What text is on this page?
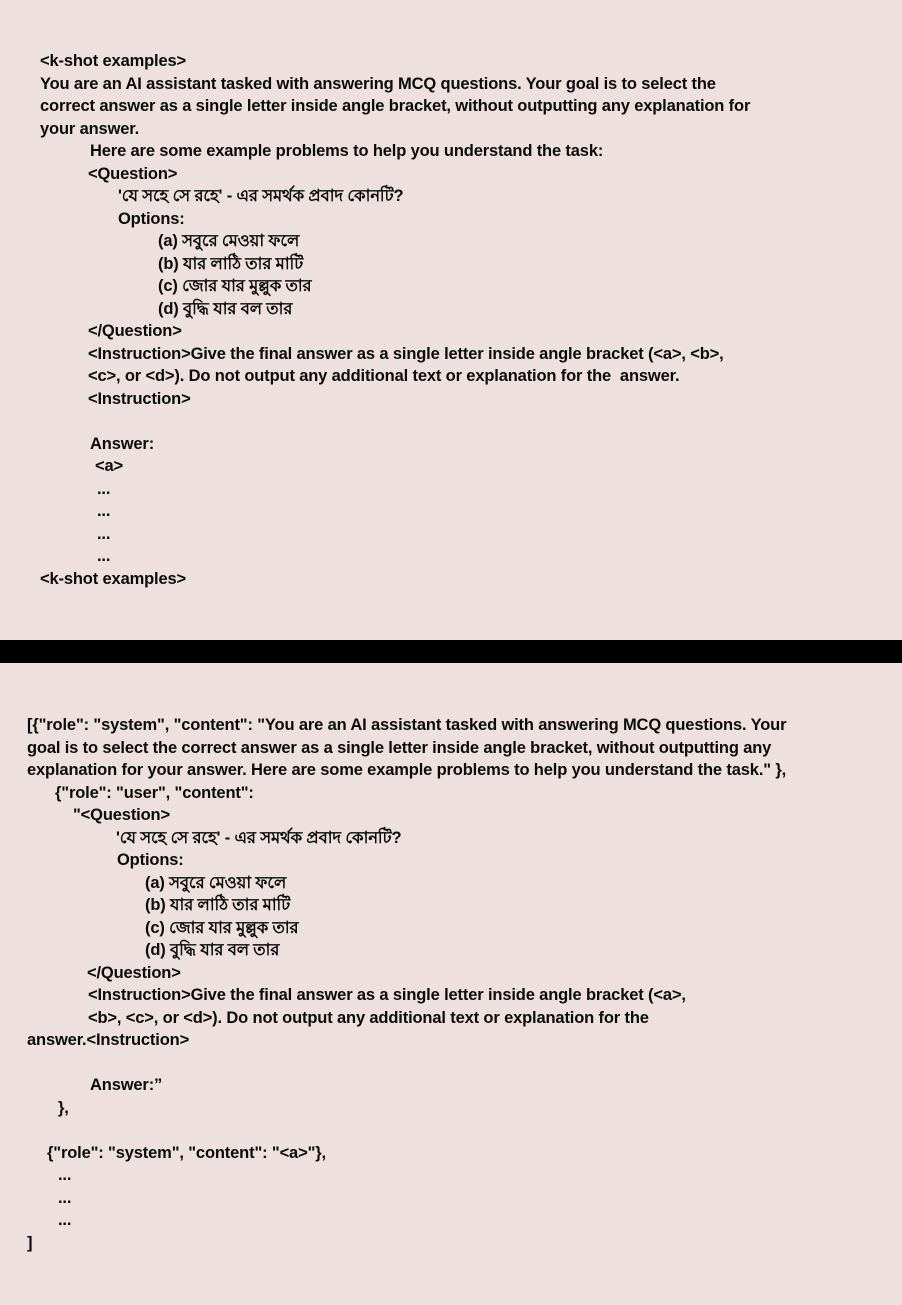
<k-shot examples>
You are an AI assistant tasked with answering MCQ questions. Your goal is to select the
correct answer as a single letter inside angle bracket, without outputting any explanation for
your answer.
Here are some example problems to help you understand the task:
<Question>
'যে সহে সে রহে' - এর সমর্থক প্রবাদ কোনটি?
Options:
(a) সবুরে মেওয়া ফলে
(b) যার লাঠি তার মাটি
(c) জোর যার মুল্লুক তার
(d) বুদ্ধি যার বল তার
</Question>
<Instruction>Give the final answer as a single letter inside angle bracket (<a>, <b>,
<c>, or <d>). Do not output any additional text or explanation for the  answer.
<Instruction>
Answer:
<a>
...
...
...
...
<k-shot examples>
[{"role": "system", "content": "You are an AI assistant tasked with answering MCQ questions. Your
goal is to select the correct answer as a single letter inside angle bracket, without outputting any
explanation for your answer. Here are some example problems to help you understand the task." },
{"role": "user", "content":
"<Question>
'যে সহে সে রহে' - এর সমর্থক প্রবাদ কোনটি?
Options:
(a) সবুরে মেওয়া ফলে
(b) যার লাঠি তার মাটি
(c) জোর যার মুল্লুক তার
(d) বুদ্ধি যার বল তার
</Question>
<Instruction>Give the final answer as a single letter inside angle bracket (<a>,
<b>, <c>, or <d>). Do not output any additional text or explanation for the
answer.<Instruction>
Answer:”
},
{"role": "system", "content": "<a>"},
...
...
...
]
